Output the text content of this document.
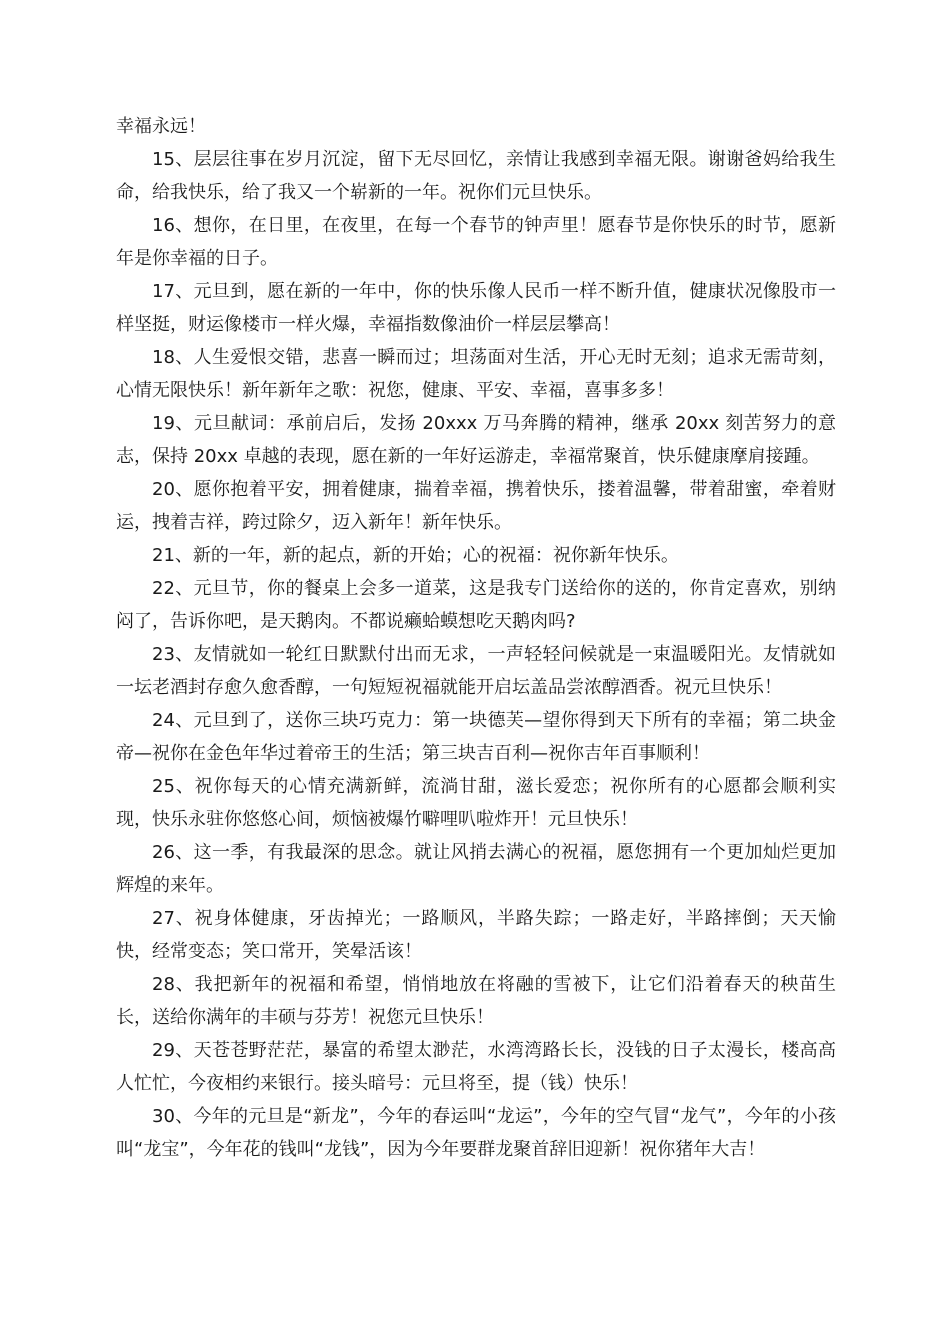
幸福永远！

15、层层往事在岁月沉淀，留下无尽回忆，亲情让我感到幸福无限。谢谢爸妈给我生命，给我快乐，给了我又一个崭新的一年。祝你们元旦快乐。

16、想你，在日里，在夜里，在每一个春节的钟声里！愿春节是你快乐的时节，愿新年是你幸福的日子。

17、元旦到，愿在新的一年中，你的快乐像人民币一样不断升值，健康状况像股市一样坚挺，财运像楼市一样火爆，幸福指数像油价一样层层攀高！

18、人生爱恨交错，悲喜一瞬而过；坦荡面对生活，开心无时无刻；追求无需苛刻，心情无限快乐！新年新年之歌：祝您，健康、平安、幸福，喜事多多！

19、元旦献词：承前启后，发扬 20xxx 万马奔腾的精神，继承 20xx 刻苦努力的意志，保持 20xx 卓越的表现，愿在新的一年好运游走，幸福常聚首，快乐健康摩肩接踵。

20、愿你抱着平安，拥着健康，揣着幸福，携着快乐，搂着温馨，带着甜蜜，牵着财运，拽着吉祥，跨过除夕，迈入新年！新年快乐。

21、新的一年，新的起点，新的开始；心的祝福：祝你新年快乐。

22、元旦节，你的餐桌上会多一道菜，这是我专门送给你的送的，你肯定喜欢，别纳闷了，告诉你吧，是天鹅肉。不都说癞蛤蟆想吃天鹅肉吗?

23、友情就如一轮红日默默付出而无求，一声轻轻问候就是一束温暖阳光。友情就如一坛老酒封存愈久愈香醇，一句短短祝福就能开启坛盖品尝浓醇酒香。祝元旦快乐！

24、元旦到了，送你三块巧克力：第一块德芙—望你得到天下所有的幸福；第二块金帝—祝你在金色年华过着帝王的生活；第三块吉百利—祝你吉年百事顺利！

25、祝你每天的心情充满新鲜，流淌甘甜，滋长爱恋；祝你所有的心愿都会顺利实现，快乐永驻你悠悠心间，烦恼被爆竹噼哩叭啦炸开！元旦快乐！

26、这一季，有我最深的思念。就让风捎去满心的祝福，愿您拥有一个更加灿烂更加辉煌的来年。

27、祝身体健康，牙齿掉光；一路顺风，半路失踪；一路走好，半路摔倒；天天愉快，经常变态；笑口常开，笑晕活该！

28、我把新年的祝福和希望，悄悄地放在将融的雪被下，让它们沿着春天的秧苗生长，送给你满年的丰硕与芬芳！祝您元旦快乐！

29、天苍苍野茫茫，暴富的希望太渺茫，水湾湾路长长，没钱的日子太漫长，楼高高人忙忙，今夜相约来银行。接头暗号：元旦将至，提（钱）快乐！

30、今年的元旦是“新龙”，今年的春运叫“龙运”，今年的空气冒“龙气”，今年的小孩叫“龙宝”，今年花的钱叫“龙钱”，因为今年要群龙聚首辞旧迎新！祝你猪年大吉！
